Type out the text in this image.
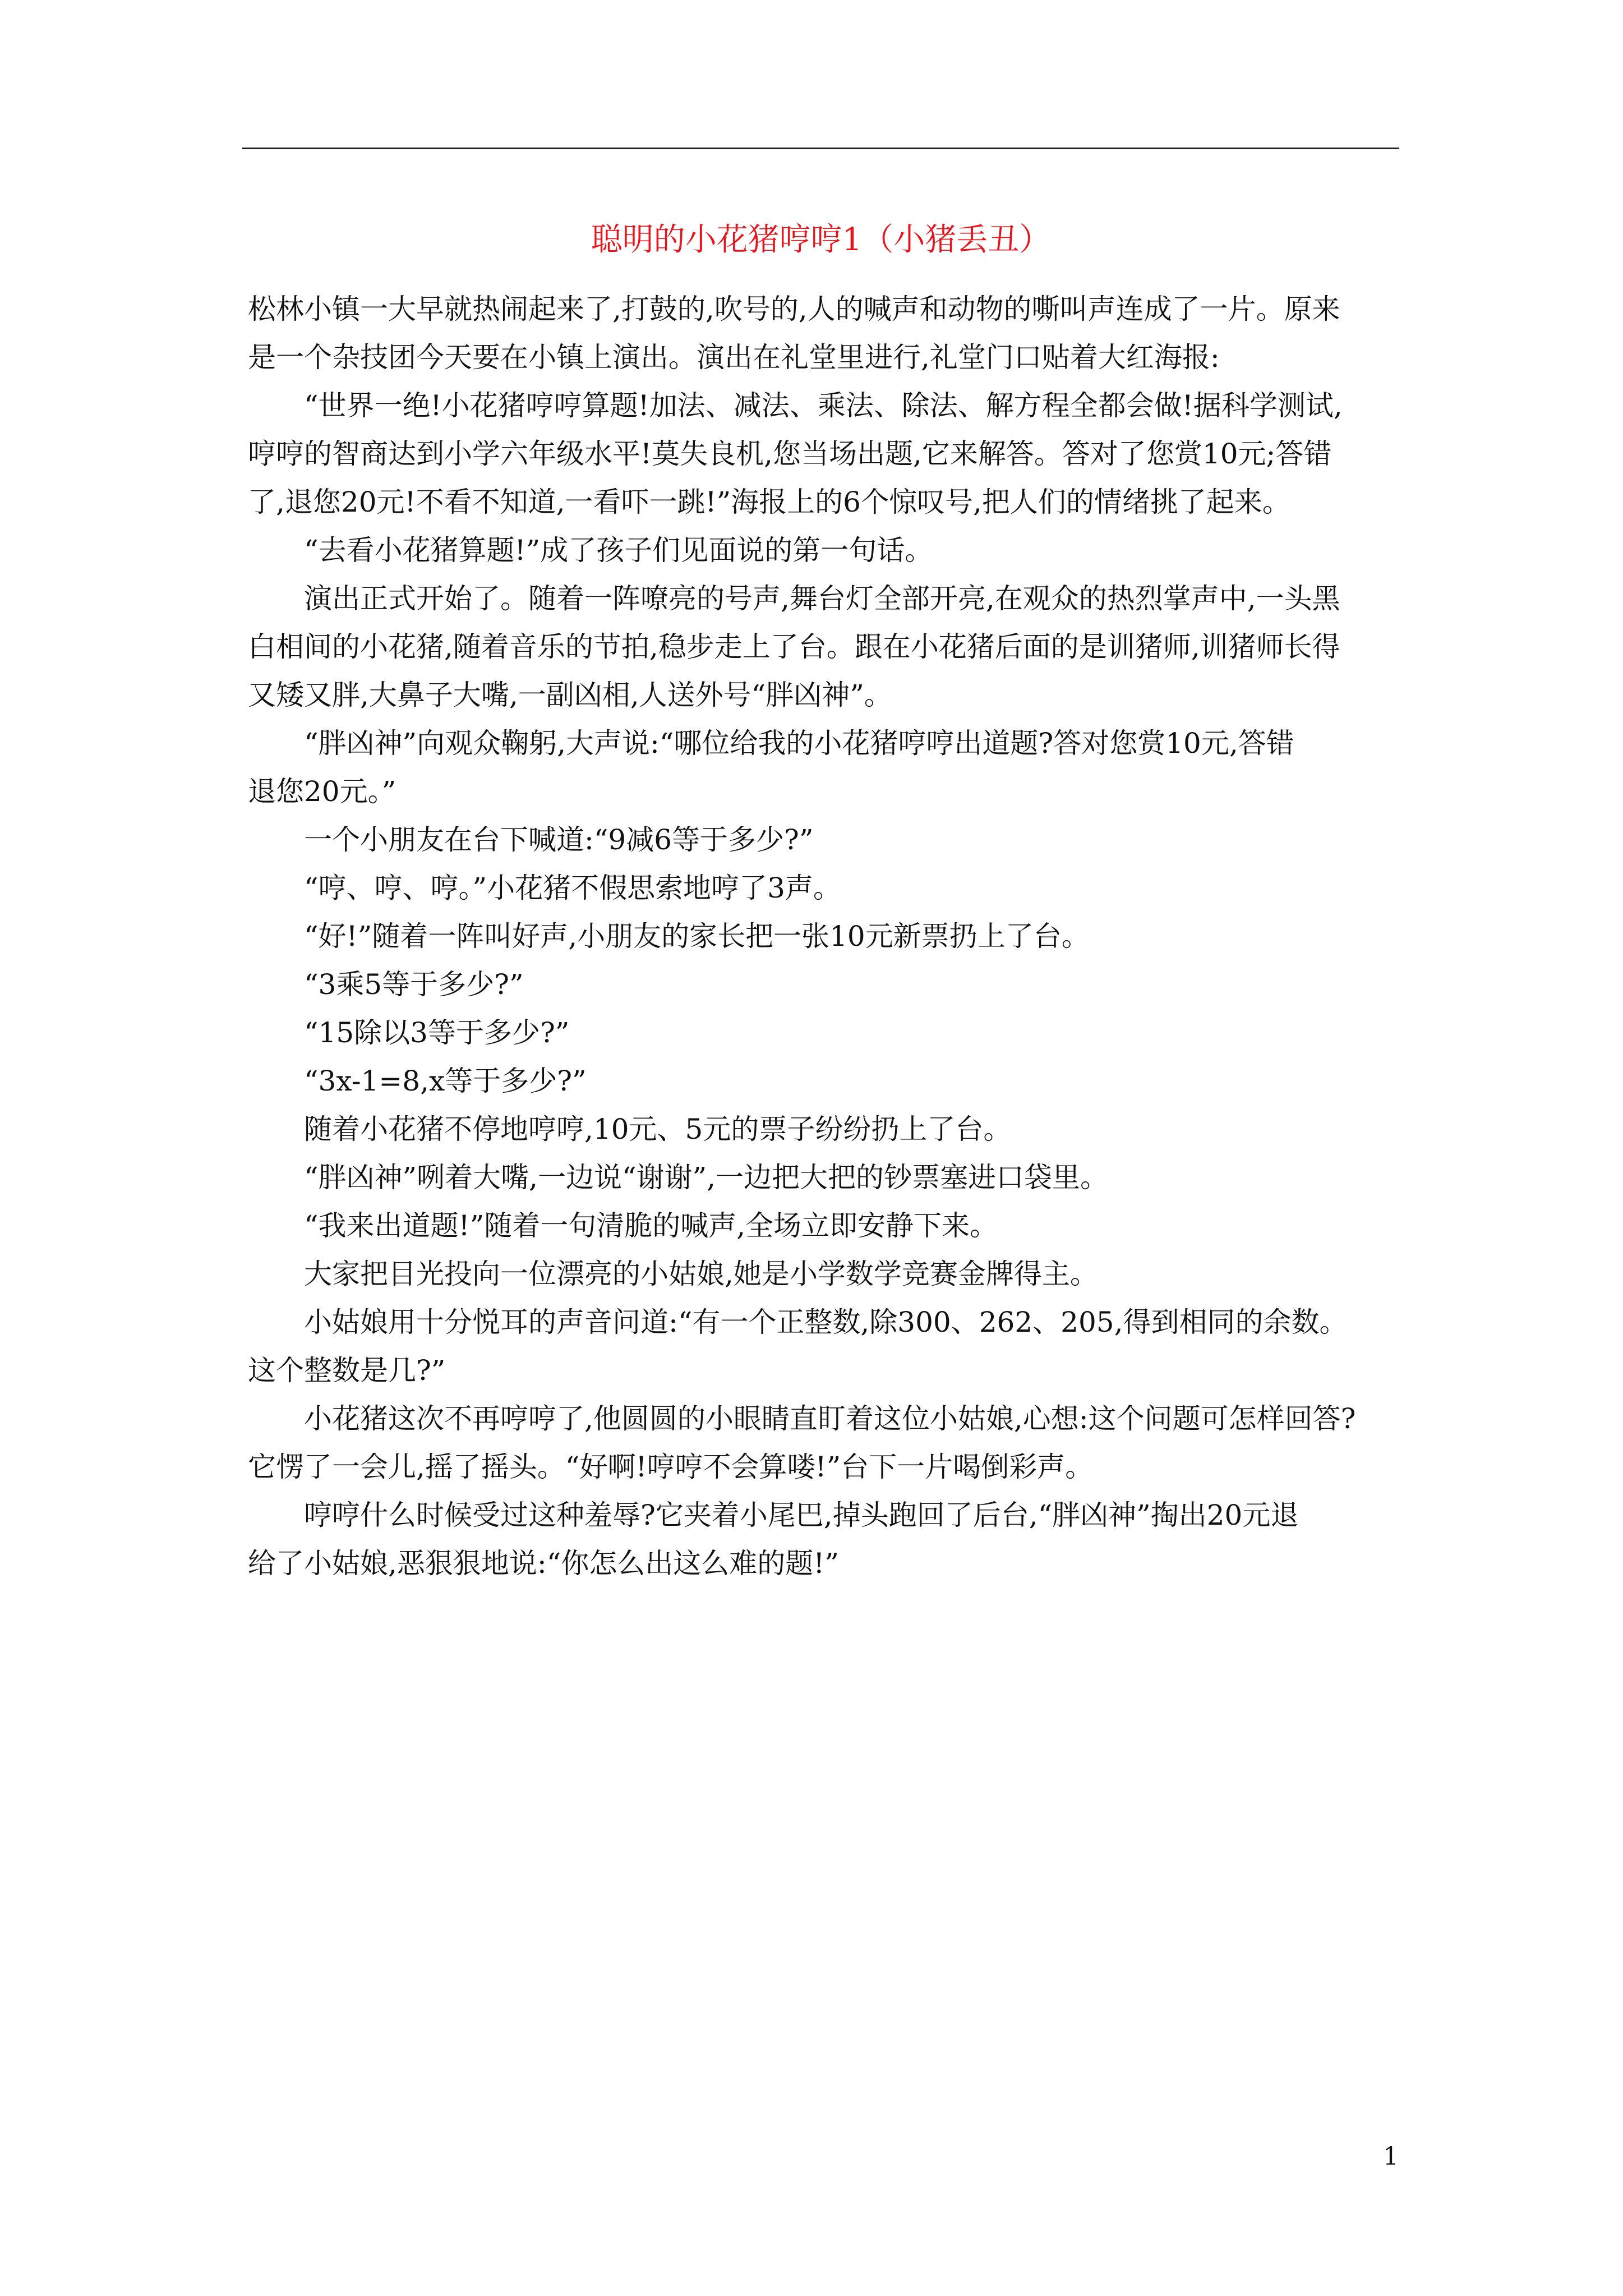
聪明的小花猪哼哼1（小猪丢丑）

松林小镇一大早就热闹起来了,打鼓的,吹号的,人的喊声和动物的嘶叫声连成了一片。原来

是一个杂技团今天要在小镇上演出。演出在礼堂里进行,礼堂门口贴着大红海报:

“世界一绝!小花猪哼哼算题!加法、减法、乘法、除法、解方程全都会做!据科学测试,

哼哼的智商达到小学六年级水平!莫失良机,您当场出题,它来解答。答对了您赏10元;答错

了,退您20元!不看不知道,一看吓一跳!”海报上的6个惊叹号,把人们的情绪挑了起来。

“去看小花猪算题!”成了孩子们见面说的第一句话。

演出正式开始了。随着一阵嘹亮的号声,舞台灯全部开亮,在观众的热烈掌声中,一头黑

白相间的小花猪,随着音乐的节拍,稳步走上了台。跟在小花猪后面的是训猪师,训猪师长得

又矮又胖,大鼻子大嘴,一副凶相,人送外号“胖凶神”。

“胖凶神”向观众鞠躬,大声说:“哪位给我的小花猪哼哼出道题?答对您赏10元,答错

退您20元。”

一个小朋友在台下喊道:“9减6等于多少?”

“哼、哼、哼。”小花猪不假思索地哼了3声。

“好!”随着一阵叫好声,小朋友的家长把一张10元新票扔上了台。

“3乘5等于多少?”

“15除以3等于多少?”

“3x-1=8,x等于多少?”

随着小花猪不停地哼哼,10元、5元的票子纷纷扔上了台。

“胖凶神”咧着大嘴,一边说“谢谢”,一边把大把的钞票塞进口袋里。

“我来出道题!”随着一句清脆的喊声,全场立即安静下来。

大家把目光投向一位漂亮的小姑娘,她是小学数学竞赛金牌得主。

小姑娘用十分悦耳的声音问道:“有一个正整数,除300、262、205,得到相同的余数。

这个整数是几?”

小花猪这次不再哼哼了,他圆圆的小眼睛直盯着这位小姑娘,心想:这个问题可怎样回答?

它愣了一会儿,摇了摇头。“好啊!哼哼不会算喽!”台下一片喝倒彩声。

哼哼什么时候受过这种羞辱?它夹着小尾巴,掉头跑回了后台,“胖凶神”掏出20元退

给了小姑娘,恶狠狠地说:“你怎么出这么难的题!”

1
